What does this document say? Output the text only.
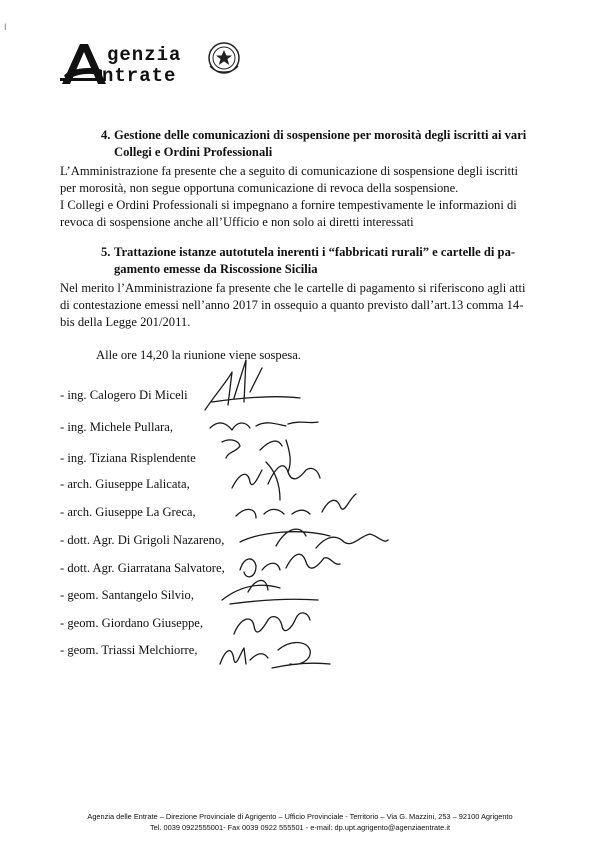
I
genzia
ntrate
4. Gestione delle comunicazioni di sospensione per morosità degli iscritti ai vari
Collegi e Ordini Professionali
L’Amministrazione fa presente che a seguito di comunicazione di sospensione degli iscritti
per morosità, non segue opportuna comunicazione di revoca della sospensione.
I Collegi e Ordini Professionali si impegnano a fornire tempestivamente le informazioni di
revoca di sospensione anche all’Ufficio e non solo ai diretti interessati
5. Trattazione istanze autotutela inerenti i “fabbricati rurali” e cartelle di pa-
gamento emesse da Riscossione Sicilia
Nel merito l’Amministrazione fa presente che le cartelle di pagamento si riferiscono agli atti
di contestazione emessi nell’anno 2017 in ossequio a quanto previsto dall’art.13 comma 14-
bis della Legge 201/2011.
Alle ore 14,20 la riunione viene sospesa.
- ing. Calogero Di Miceli
- ing. Michele Pullara,
- ing. Tiziana Risplendente
- arch. Giuseppe Lalicata,
- arch. Giuseppe La Greca,
- dott. Agr. Di Grigoli Nazareno,
- dott. Agr. Giarratana Salvatore,
- geom. Santangelo Silvio,
- geom. Giordano Giuseppe,
- geom. Triassi Melchiorre,
Agenzia delle Entrate – Direzione Provinciale di Agrigento – Ufficio Provinciale - Territorio – Via G. Mazzini, 253 – 92100 Agrigento
Tel. 0039 0922555001- Fax 0039 0922 555501 - e-mail: dp.upt.agrigento@agenziaentrate.it
